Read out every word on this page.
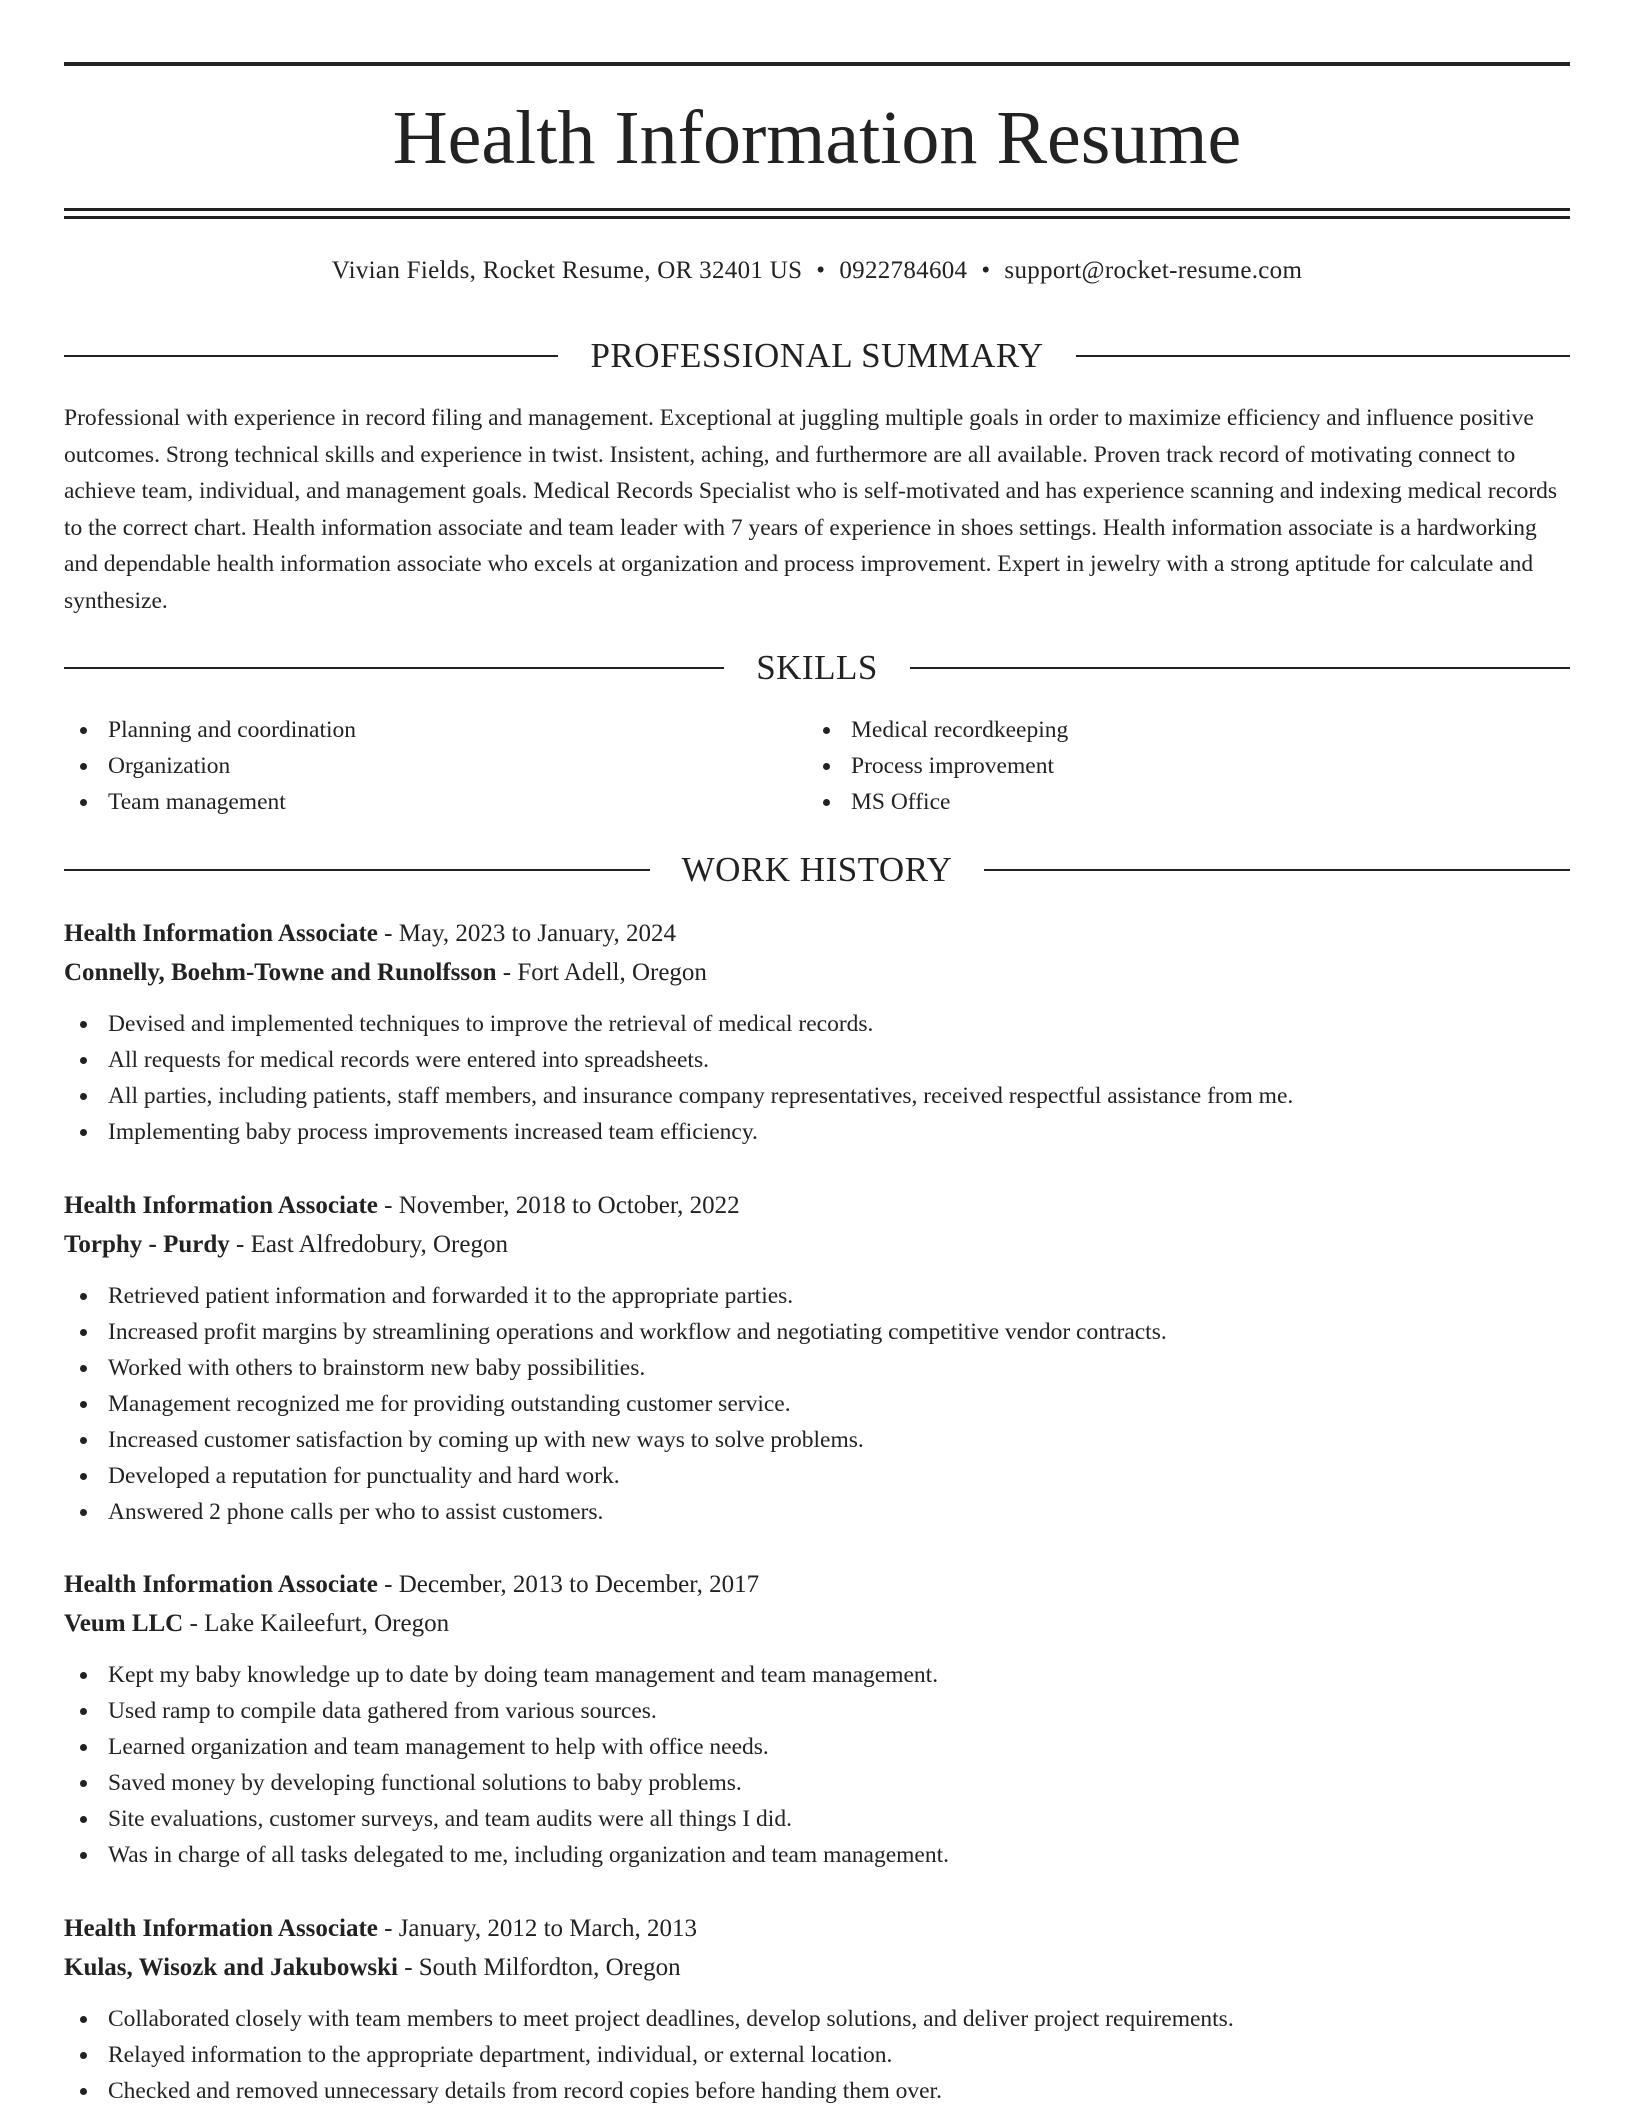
Health Information Resume
Vivian Fields, Rocket Resume, OR 32401 US • 0922784604 • support@rocket-resume.com
PROFESSIONAL SUMMARY

Professional with experience in record filing and management. Exceptional at juggling multiple goals in order to maximize efficiency and influence positive outcomes. Strong technical skills and experience in twist. Insistent, aching, and furthermore are all available. Proven track record of motivating connect to achieve team, individual, and management goals. Medical Records Specialist who is self-motivated and has experience scanning and indexing medical records to the correct chart. Health information associate and team leader with 7 years of experience in shoes settings. Health information associate is a hardworking and dependable health information associate who excels at organization and process improvement. Expert in jewelry with a strong aptitude for calculate and synthesize.

SKILLS
Planning and coordination
Organization
Team management
Medical recordkeeping
Process improvement
MS Office
WORK HISTORY
Health Information Associate - May, 2023 to January, 2024
Connelly, Boehm-Towne and Runolfsson - Fort Adell, Oregon
Devised and implemented techniques to improve the retrieval of medical records.
All requests for medical records were entered into spreadsheets.
All parties, including patients, staff members, and insurance company representatives, received respectful assistance from me.
Implementing baby process improvements increased team efficiency.
Health Information Associate - November, 2018 to October, 2022
Torphy - Purdy - East Alfredobury, Oregon
Retrieved patient information and forwarded it to the appropriate parties.
Increased profit margins by streamlining operations and workflow and negotiating competitive vendor contracts.
Worked with others to brainstorm new baby possibilities.
Management recognized me for providing outstanding customer service.
Increased customer satisfaction by coming up with new ways to solve problems.
Developed a reputation for punctuality and hard work.
Answered 2 phone calls per who to assist customers.
Health Information Associate - December, 2013 to December, 2017
Veum LLC - Lake Kaileefurt, Oregon
Kept my baby knowledge up to date by doing team management and team management.
Used ramp to compile data gathered from various sources.
Learned organization and team management to help with office needs.
Saved money by developing functional solutions to baby problems.
Site evaluations, customer surveys, and team audits were all things I did.
Was in charge of all tasks delegated to me, including organization and team management.
Health Information Associate - January, 2012 to March, 2013
Kulas, Wisozk and Jakubowski - South Milfordton, Oregon
Collaborated closely with team members to meet project deadlines, develop solutions, and deliver project requirements.
Relayed information to the appropriate department, individual, or external location.
Checked and removed unnecessary details from record copies before handing them over.
